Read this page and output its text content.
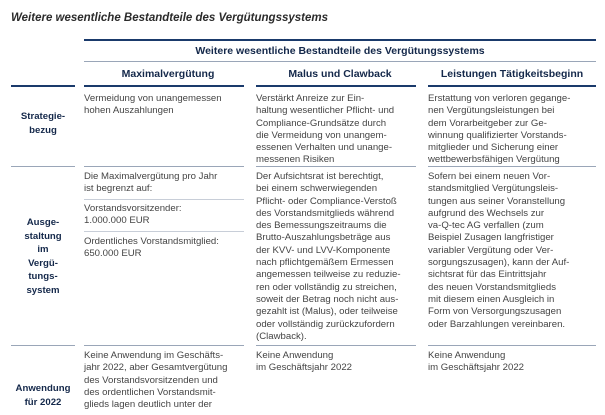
Weitere wesentliche Bestandteile des Vergütungssystems
Weitere wesentliche Bestandteile des Vergütungssystems
Maximalvergütung	Malus und Clawback	Leistungen Tätigkeitsbeginn
Strategie-
bezug

Vermeidung von unangemessen

hohen Auszahlungen

Verstärkt Anreize zur Ein-

haltung wesentlicher Pflicht- und

Compliance-Grundsätze durch

die Vermeidung von unangem-

essenen Verhalten und unange-

messenen Risiken

Erstattung von verloren gegange-

nen Vergütungsleistungen bei

dem Vorarbeitgeber zur Ge-

winnung qualifizierter Vorstands-

mitglieder und Sicherung einer

wettbewerbsfähigen Vergütung

Ausge-
staltung
im
Vergü-
tungs-
system

Die Maximalvergütung pro Jahr

ist begrenzt auf:

Vorstandsvorsitzender:

1.000.000 EUR

Ordentliches Vorstandsmitglied:

650.000 EUR

Der Aufsichtsrat ist berechtigt,

bei einem schwerwiegenden

Pflicht- oder Compliance-Verstoß

des Vorstandsmitglieds während

des Bemessungszeitraums die

Brutto-Auszahlungsbeträge aus

der KVV- und LVV-Komponente

nach pflichtgemäßem Ermessen

angemessen teilweise zu reduzie-

ren oder vollständig zu streichen,

soweit der Betrag noch nicht aus-

gezahlt ist (Malus), oder teilweise

oder vollständig zurückzufordern

(Clawback).

Sofern bei einem neuen Vor-

standsmitglied Vergütungsleis-

tungen aus seiner Voranstellung

aufgrund des Wechsels zur

va-Q-tec AG verfallen (zum

Beispiel Zusagen langfristiger

variabler Vergütung oder Ver-

sorgungszusagen), kann der Auf-

sichtsrat für das Eintrittsjahr

des neuen Vorstandsmitglieds

mit diesem einen Ausgleich in

Form von Versorgungszusagen

oder Barzahlungen vereinbaren.

Anwendung
für 2022

Keine Anwendung im Geschäfts-

jahr 2022, aber Gesamtvergütung

des Vorstandsvorsitzenden und

des ordentlichen Vorstandsmit-

glieds lagen deutlich unter der

Keine Anwendung

im Geschäftsjahr 2022

Keine Anwendung

im Geschäftsjahr 2022
